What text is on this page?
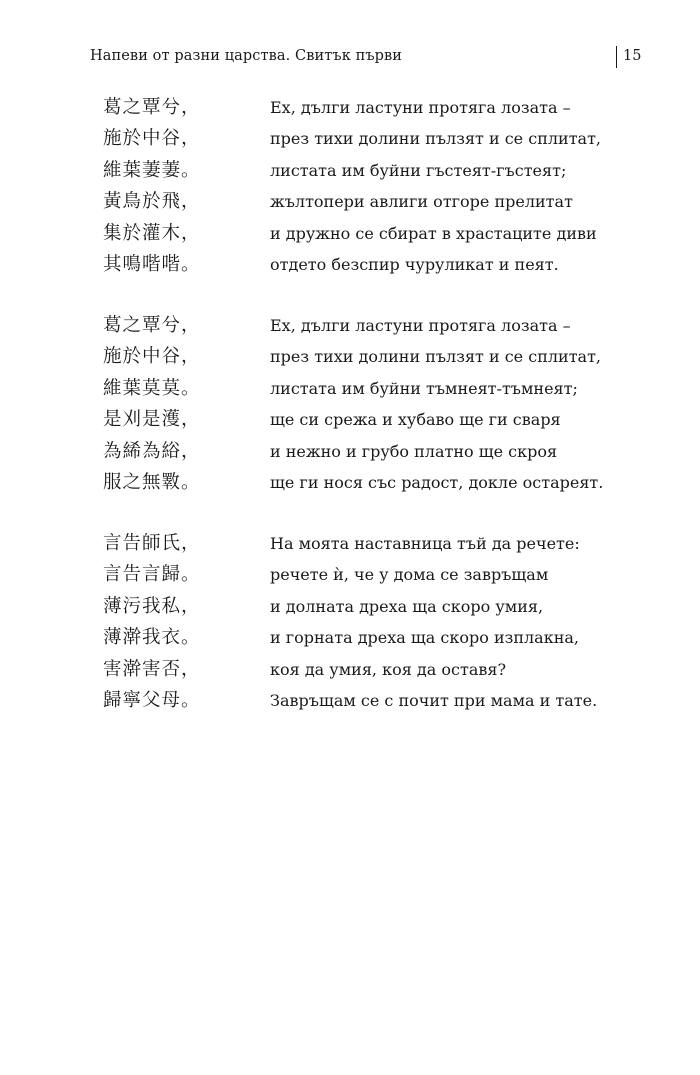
Напеви от разни царства. Свитък първи	15
葛之覃兮，	Ех, дълги ластуни протяга лозата –
施於中谷，	през тихи долини пълзят и се сплитат,
維葉萋萋。	листата им буйни гъстеят-гъстеят;
黃鳥於飛，	жълтопери авлиги отгоре прелитат
集於灌木，	и дружно се сбират в храстаците диви
其鳴喈喈。	отдето безспир чуруликат и пеят.
葛之覃兮，	Ех, дълги ластуни протяга лозата –
施於中谷，	през тихи долини пълзят и се сплитат,
維葉莫莫。	листата им буйни тъмнеят-тъмнеят;
是刈是濩，	ще си срежа и хубаво ще ги сваря
為絺為綌，	и нежно и грубо платно ще скроя
服之無斁。	ще ги нося със радост, докле остареят.
言告師氏，	На моята наставница тъй да речете:
言告言歸。	речете ѝ, че у дома се завръщам
薄污我私，	и долната дреха ща скоро умия,
薄澣我衣。	и горната дреха ща скоро изплакна,
害澣害否，	коя да умия, коя да оставя?
歸寧父母。	Завръщам се с почит при мама и тате.
